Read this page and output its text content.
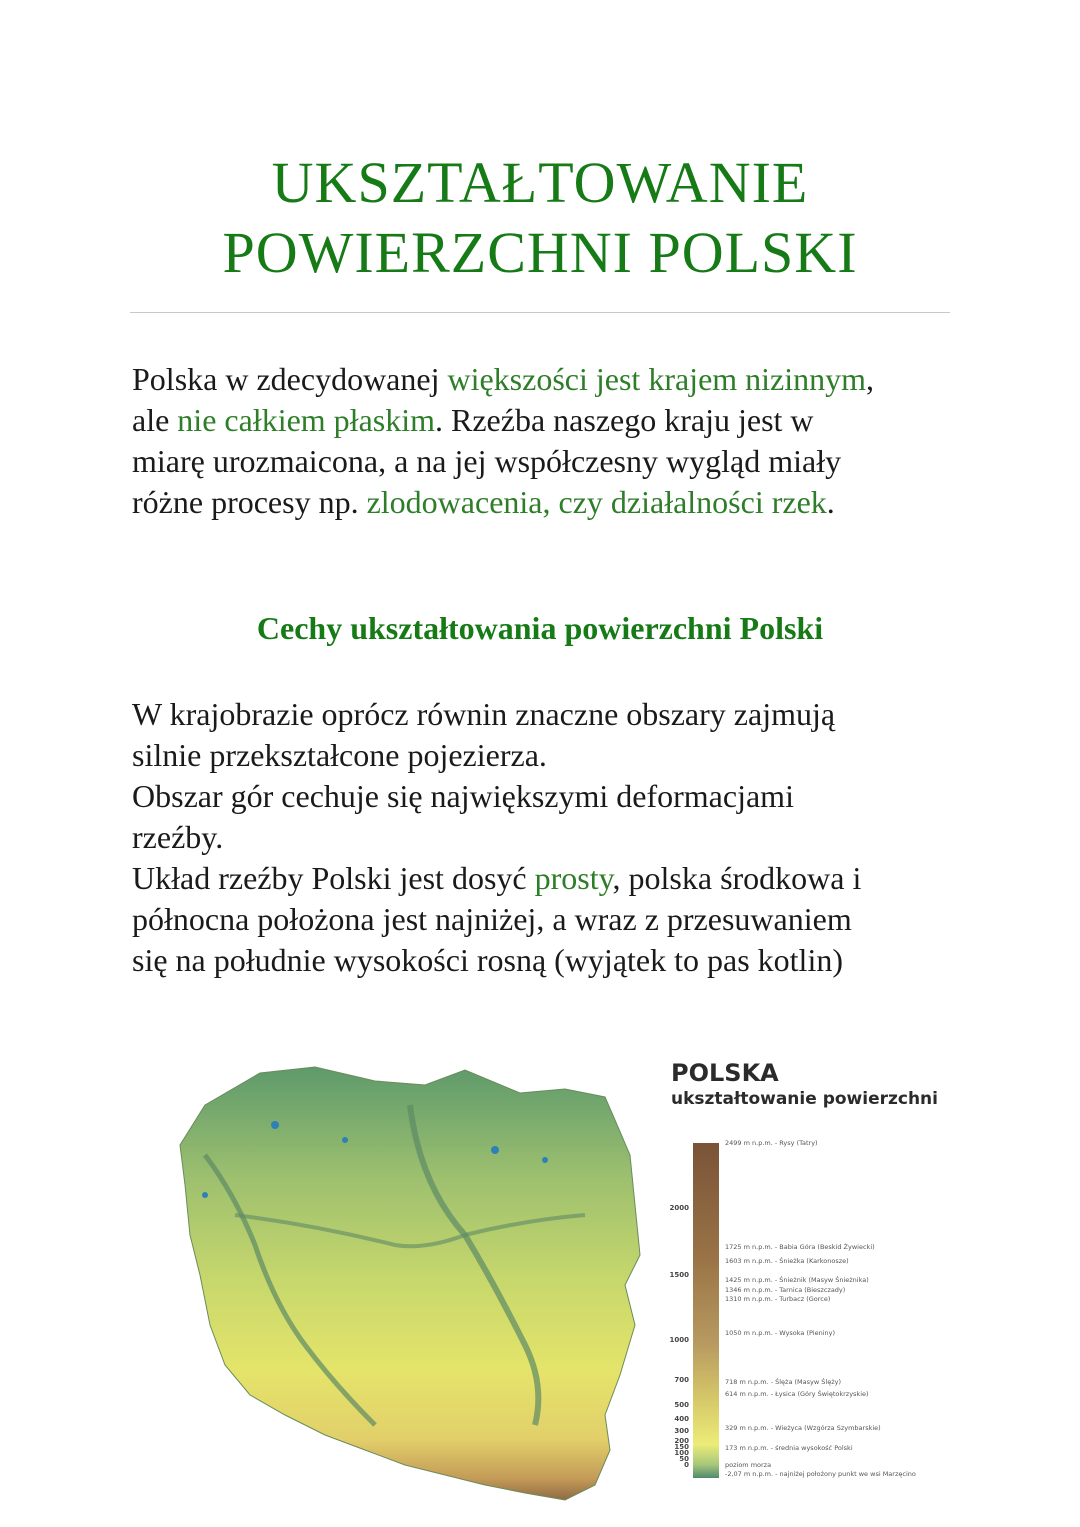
UKSZTAŁTOWANIE
POWIERZCHNI POLSKI
Polska w zdecydowanej większości jest krajem nizinnym,
ale nie całkiem płaskim. Rzeźba naszego kraju jest w
miarę urozmaicona, a na jej współczesny wygląd miały
różne procesy np. zlodowacenia, czy działalności rzek.
Cechy ukształtowania powierzchni Polski
W krajobrazie oprócz równin znaczne obszary zajmują
silnie przekształcone pojezierza.
Obszar gór cechuje się największymi deformacjami
rzeźby.
Układ rzeźby Polski jest dosyć prosty, polska środkowa i
północna położona jest najniżej, a wraz z przesuwaniem
się na południe wysokości rosną (wyjątek to pas kotlin)
2000
1500
1000
700
500
400
300
200
150
100
50
0
2499 m n.p.m. - Rysy (Tatry)
1725 m n.p.m. - Babia Góra (Beskid Żywiecki)
1603 m n.p.m. - Śnieżka (Karkonosze)
1425 m n.p.m. - Śnieżnik (Masyw Śnieżnika)
1346 m n.p.m. - Tarnica (Bieszczady)
1310 m n.p.m. - Turbacz (Gorce)
1050 m n.p.m. - Wysoka (Pieniny)
718 m n.p.m. - Ślęża (Masyw Ślęży)
614 m n.p.m. - Łysica (Góry Świętokrzyskie)
329 m n.p.m. - Wieżyca (Wzgórza Szymbarskie)
173 m n.p.m. - średnia wysokość Polski
poziom morza
-2,07 m n.p.m. - najniżej położony punkt we wsi Marzęcino
POLSKA
ukształtowanie powierzchni
